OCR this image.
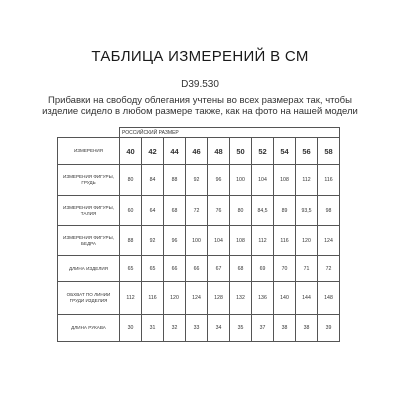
ТАБЛИЦА ИЗМЕРЕНИЙ В СМ
D39.530
Прибавки на свободу облегания учтены во всех размерах так, чтобы
изделие сидело в любом размере также, как на фото на нашей модели
	РОССИЙСКИЙ РАЗМЕР									
ИЗМЕРЕНИЯ	40	42	44	46	48	50	52	54	56	58
ИЗМЕРЕНИЯ ФИГУРЫ, ГРУДЬ	80	84	88	92	96	100	104	108	112	116
ИЗМЕРЕНИЯ ФИГУРЫ, ТАЛИЯ	60	64	68	72	76	80	84,5	89	93,5	98
ИЗМЕРЕНИЯ ФИГУРЫ, БЕДРА	88	92	96	100	104	108	112	116	120	124
ДЛИНА ИЗДЕЛИЯ	65	65	66	66	67	68	69	70	71	72
ОБХВАТ ПО ЛИНИИ ГРУДИ ИЗДЕЛИЯ	112	116	120	124	128	132	136	140	144	148
ДЛИНА РУКАВА	30	31	32	33	34	35	37	38	38	39
